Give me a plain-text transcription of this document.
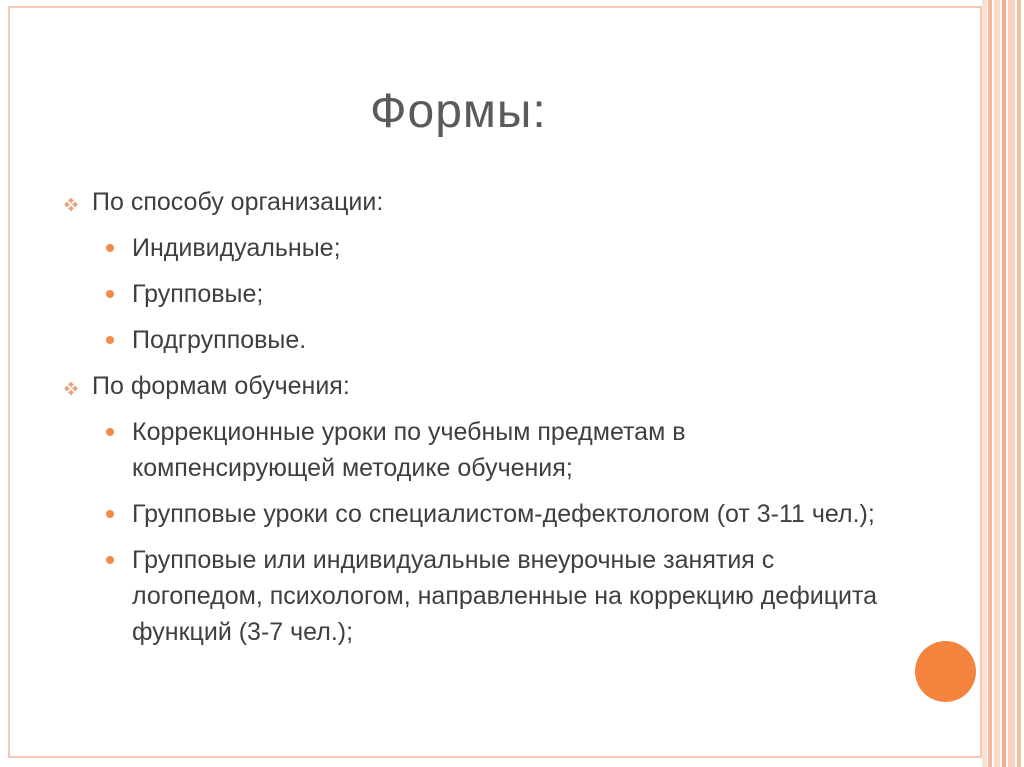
Формы:
По способу организации:
Индивидуальные;
Групповые;
Подгрупповые.
По формам обучения:
Коррекционные уроки по учебным предметам в компенсирующей методике обучения;
Групповые уроки со специалистом-дефектологом (от 3-11 чел.);
Групповые или индивидуальные внеурочные занятия с логопедом, психологом, направленные на коррекцию дефицита функций (3-7 чел.);
